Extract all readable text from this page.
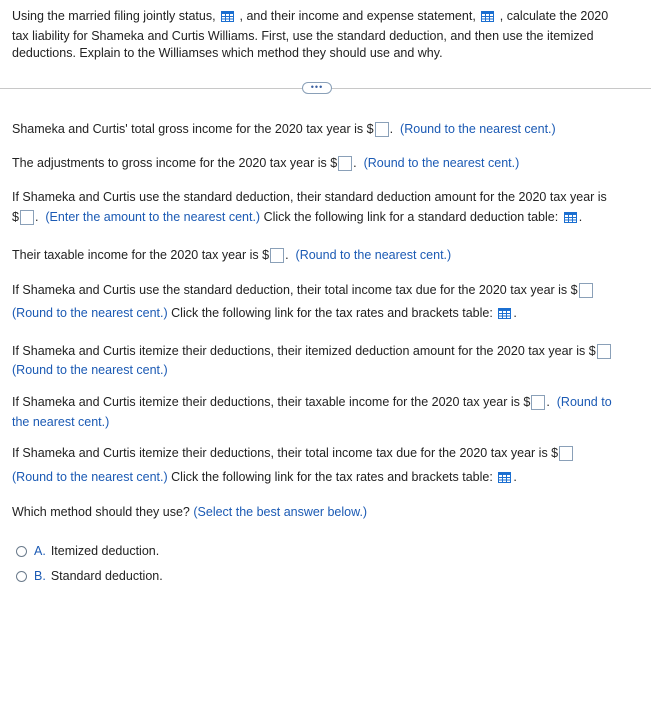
Using the married filing jointly status, , and their income and expense statement, , calculate the 2020
tax liability for Shameka and Curtis Williams. First, use the standard deduction, and then use the itemized
deductions. Explain to the Williamses which method they should use and why.
•••
Shameka and Curtis' total gross income for the 2020 tax year is $ . (Round to the nearest cent.)
The adjustments to gross income for the 2020 tax year is $ . (Round to the nearest cent.)
If Shameka and Curtis use the standard deduction, their standard deduction amount for the 2020 tax year is
$ . (Enter the amount to the nearest cent.) Click the following link for a standard deduction table: .
Their taxable income for the 2020 tax year is $ . (Round to the nearest cent.)
If Shameka and Curtis use the standard deduction, their total income tax due for the 2020 tax year is $
(Round to the nearest cent.) Click the following link for the tax rates and brackets table: .
If Shameka and Curtis itemize their deductions, their itemized deduction amount for the 2020 tax year is $
(Round to the nearest cent.)
If Shameka and Curtis itemize their deductions, their taxable income for the 2020 tax year is $ . (Round to
the nearest cent.)
If Shameka and Curtis itemize their deductions, their total income tax due for the 2020 tax year is $
(Round to the nearest cent.) Click the following link for the tax rates and brackets table: .
Which method should they use? (Select the best answer below.)
A. Itemized deduction.
B. Standard deduction.
